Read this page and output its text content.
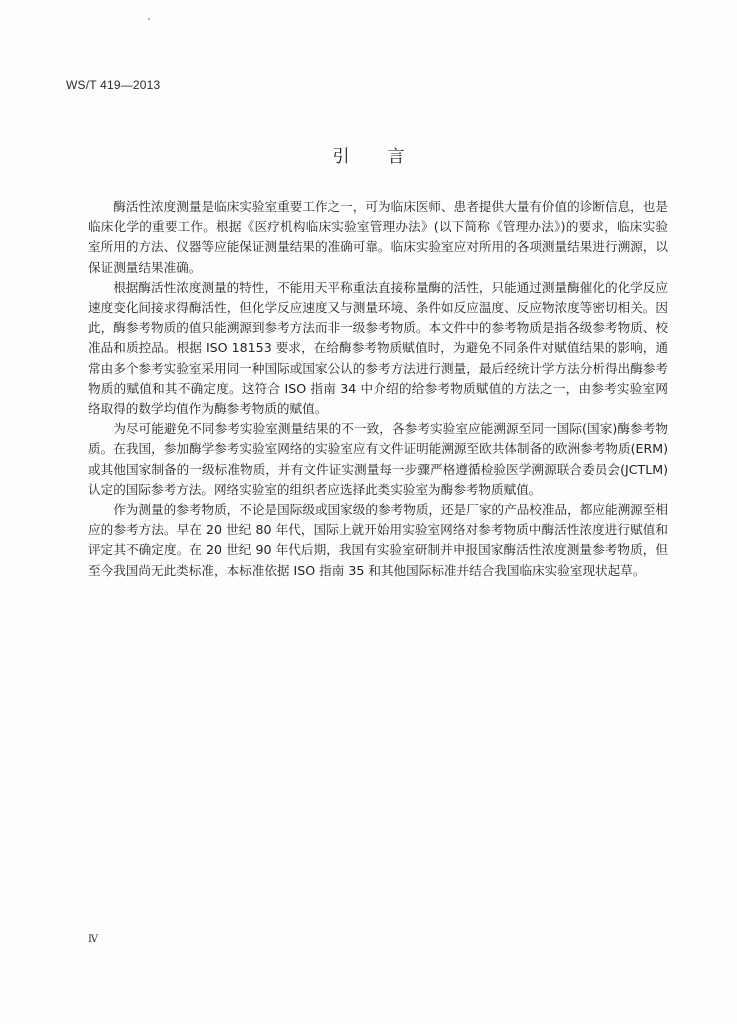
WS/T 419—2013
引言

酶活性浓度测量是临床实验室重要工作之一，可为临床医师、患者提供大量有价值的诊断信息，也是临床化学的重要工作。根据《医疗机构临床实验室管理办法》(以下简称《管理办法》)的要求，临床实验室所用的方法、仪器等应能保证测量结果的准确可靠。临床实验室应对所用的各项测量结果进行溯源，以保证测量结果准确。

根据酶活性浓度测量的特性，不能用天平称重法直接称量酶的活性，只能通过测量酶催化的化学反应速度变化间接求得酶活性，但化学反应速度又与测量环境、条件如反应温度、反应物浓度等密切相关。因此，酶参考物质的值只能溯源到参考方法而非一级参考物质。本文件中的参考物质是指各级参考物质、校准品和质控品。根据 ISO 18153 要求，在给酶参考物质赋值时，为避免不同条件对赋值结果的影响，通常由多个参考实验室采用同一种国际或国家公认的参考方法进行测量，最后经统计学方法分析得出酶参考物质的赋值和其不确定度。这符合 ISO 指南 34 中介绍的给参考物质赋值的方法之一，由参考实验室网络取得的数学均值作为酶参考物质的赋值。

为尽可能避免不同参考实验室测量结果的不一致，各参考实验室应能溯源至同一国际(国家)酶参考物质。在我国，参加酶学参考实验室网络的实验室应有文件证明能溯源至欧共体制备的欧洲参考物质(ERM)或其他国家制备的一级标准物质，并有文件证实测量每一步骤严格遵循检验医学溯源联合委员会(JCTLM)认定的国际参考方法。网络实验室的组织者应选择此类实验室为酶参考物质赋值。

作为测量的参考物质，不论是国际级或国家级的参考物质，还是厂家的产品校准品，都应能溯源至相应的参考方法。早在 20 世纪 80 年代，国际上就开始用实验室网络对参考物质中酶活性浓度进行赋值和评定其不确定度。在 20 世纪 90 年代后期，我国有实验室研制并申报国家酶活性浓度测量参考物质，但至今我国尚无此类标准，本标准依据 ISO 指南 35 和其他国际标准并结合我国临床实验室现状起草。

Ⅳ
